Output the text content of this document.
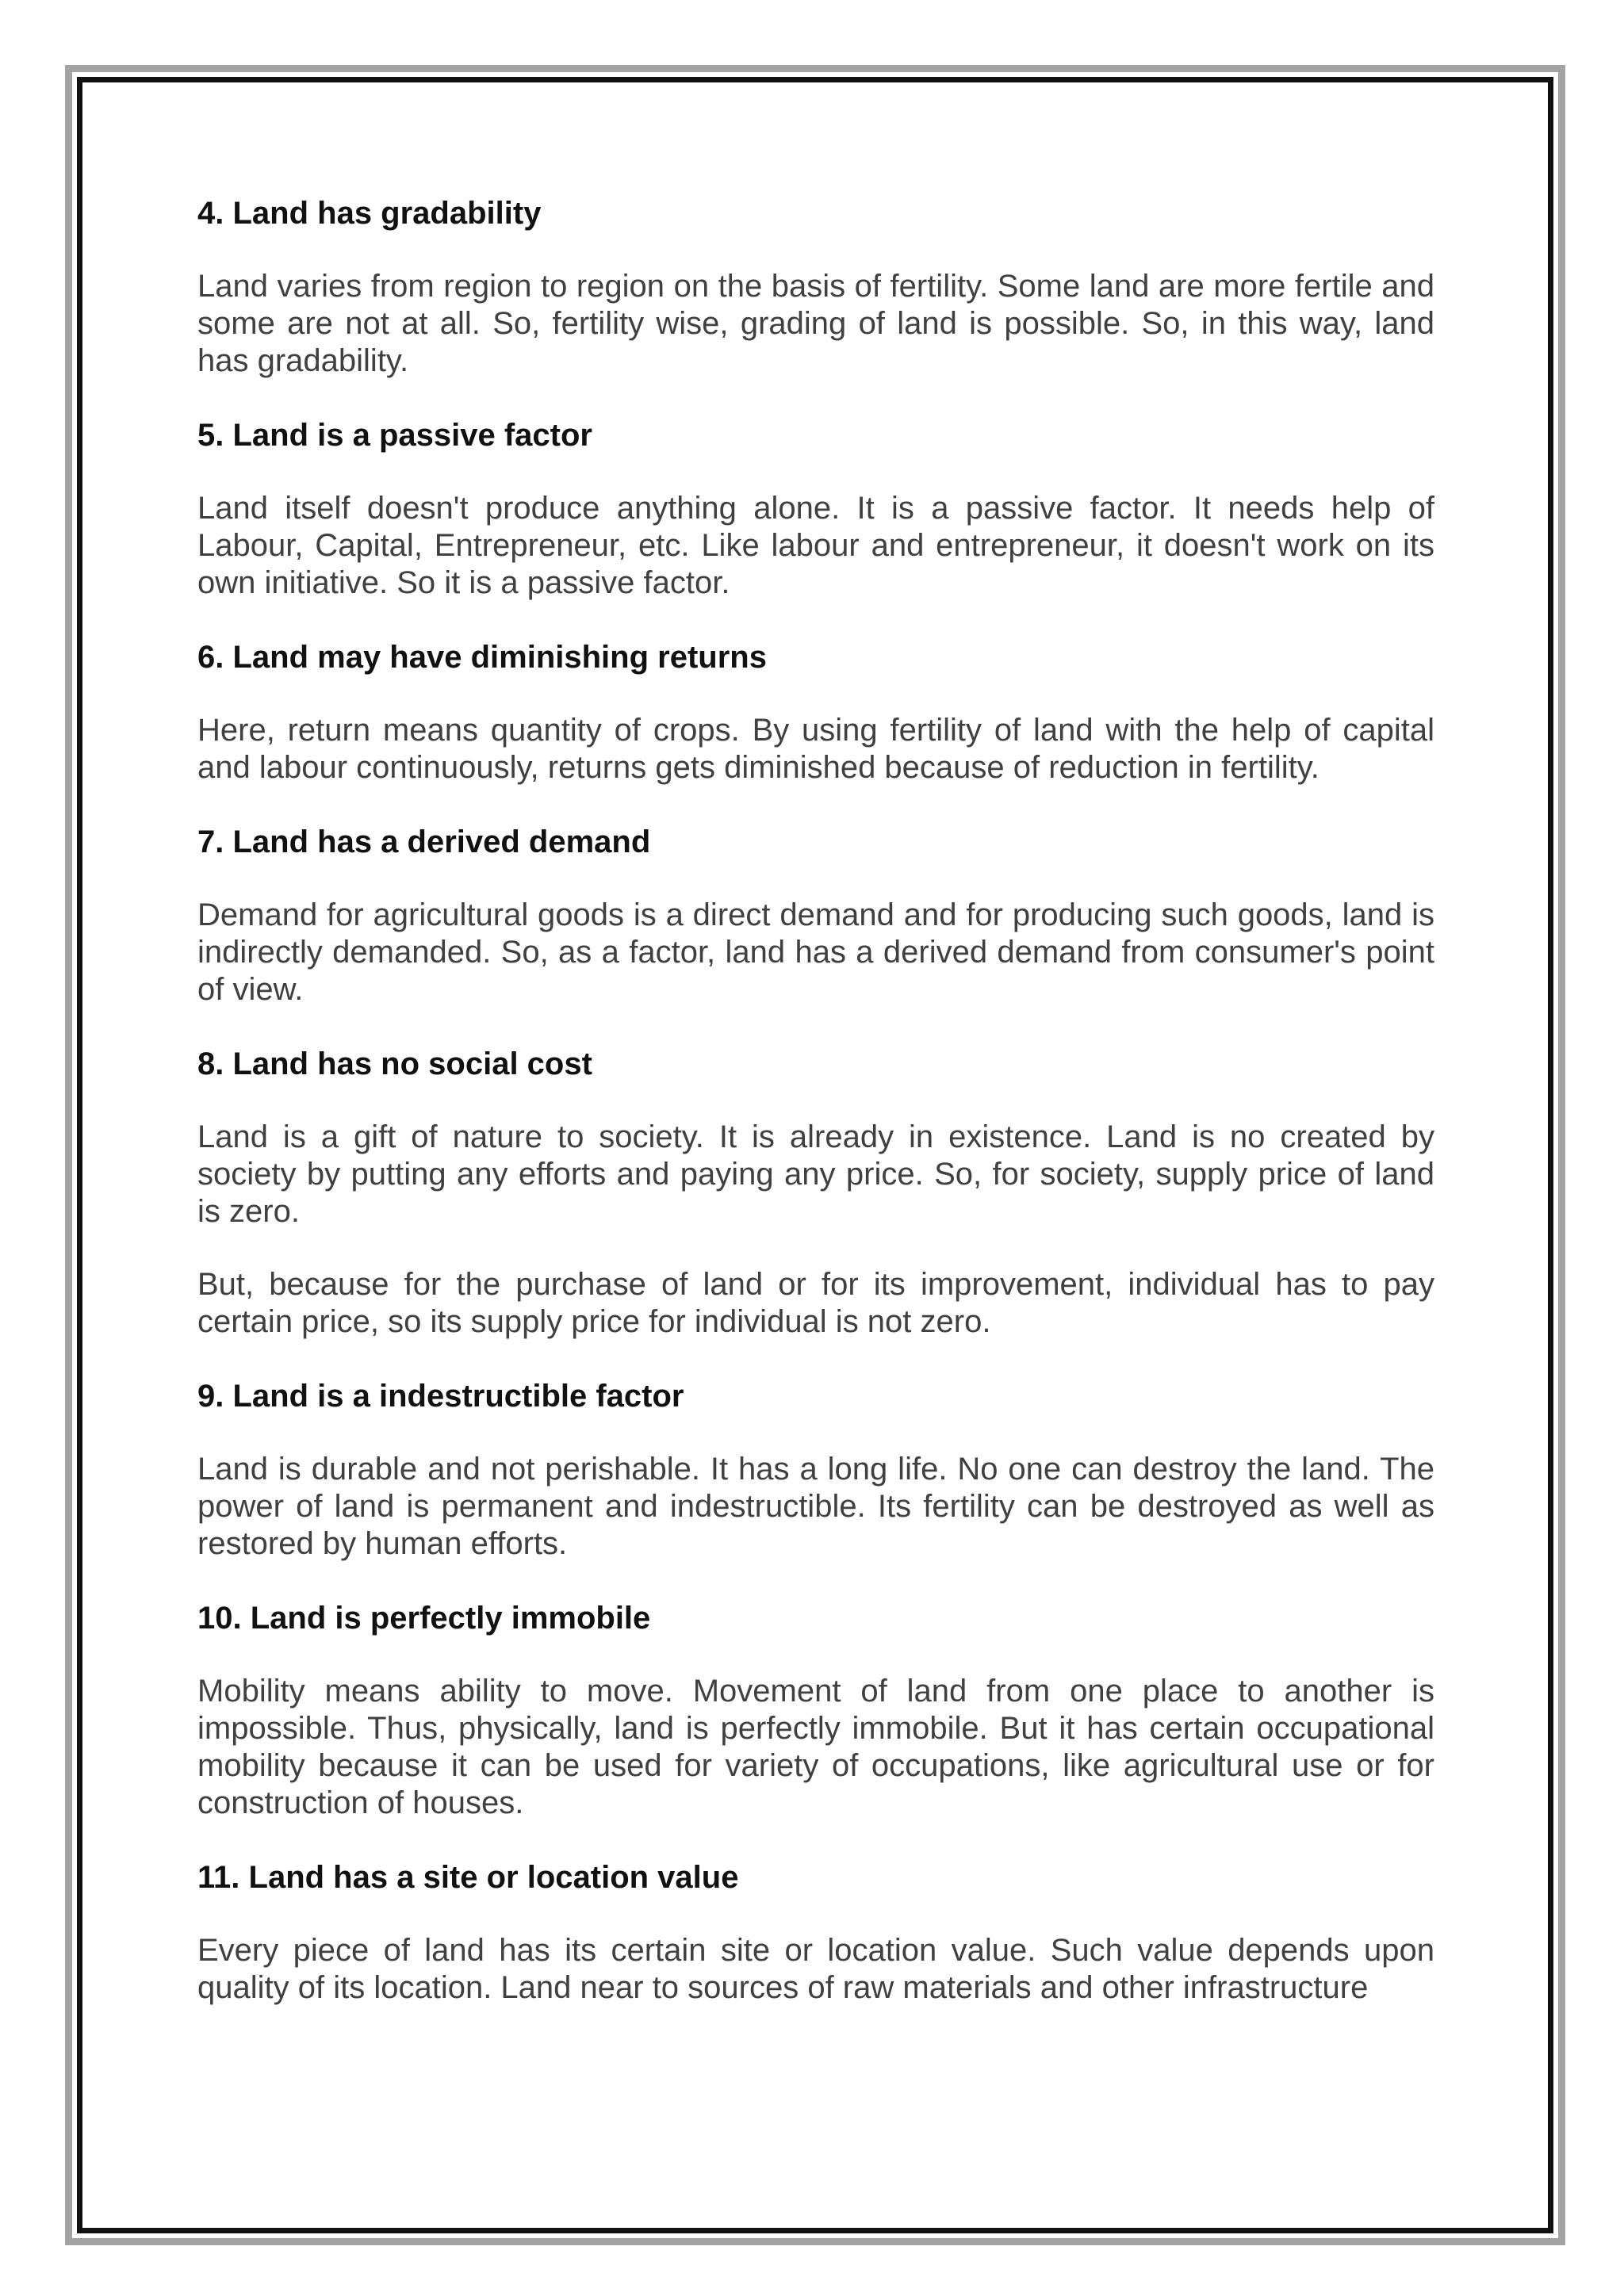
4. Land has gradability

Land varies from region to region on the basis of fertility. Some land are more fertile and some are not at all. So, fertility wise, grading of land is possible. So, in this way, land has gradability.

5. Land is a passive factor

Land itself doesn't produce anything alone. It is a passive factor. It needs help of Labour, Capital, Entrepreneur, etc. Like labour and entrepreneur, it doesn't work on its own initiative. So it is a passive factor.

6. Land may have diminishing returns

Here, return means quantity of crops. By using fertility of land with the help of capital and labour continuously, returns gets diminished because of reduction in fertility.

7. Land has a derived demand

Demand for agricultural goods is a direct demand and for producing such goods, land is indirectly demanded. So, as a factor, land has a derived demand from consumer's point of view.

8. Land has no social cost

Land is a gift of nature to society. It is already in existence. Land is no created by society by putting any efforts and paying any price. So, for society, supply price of land is zero.

But, because for the purchase of land or for its improvement, individual has to pay certain price, so its supply price for individual is not zero.

9. Land is a indestructible factor

Land is durable and not perishable. It has a long life. No one can destroy the land. The power of land is permanent and indestructible. Its fertility can be destroyed as well as restored by human efforts.

10. Land is perfectly immobile

Mobility means ability to move. Movement of land from one place to another is impossible. Thus, physically, land is perfectly immobile. But it has certain occupational mobility because it can be used for variety of occupations, like agricultural use or for construction of houses.

11. Land has a site or location value

Every piece of land has its certain site or location value. Such value depends upon quality of its location. Land near to sources of raw materials and other infrastructure
